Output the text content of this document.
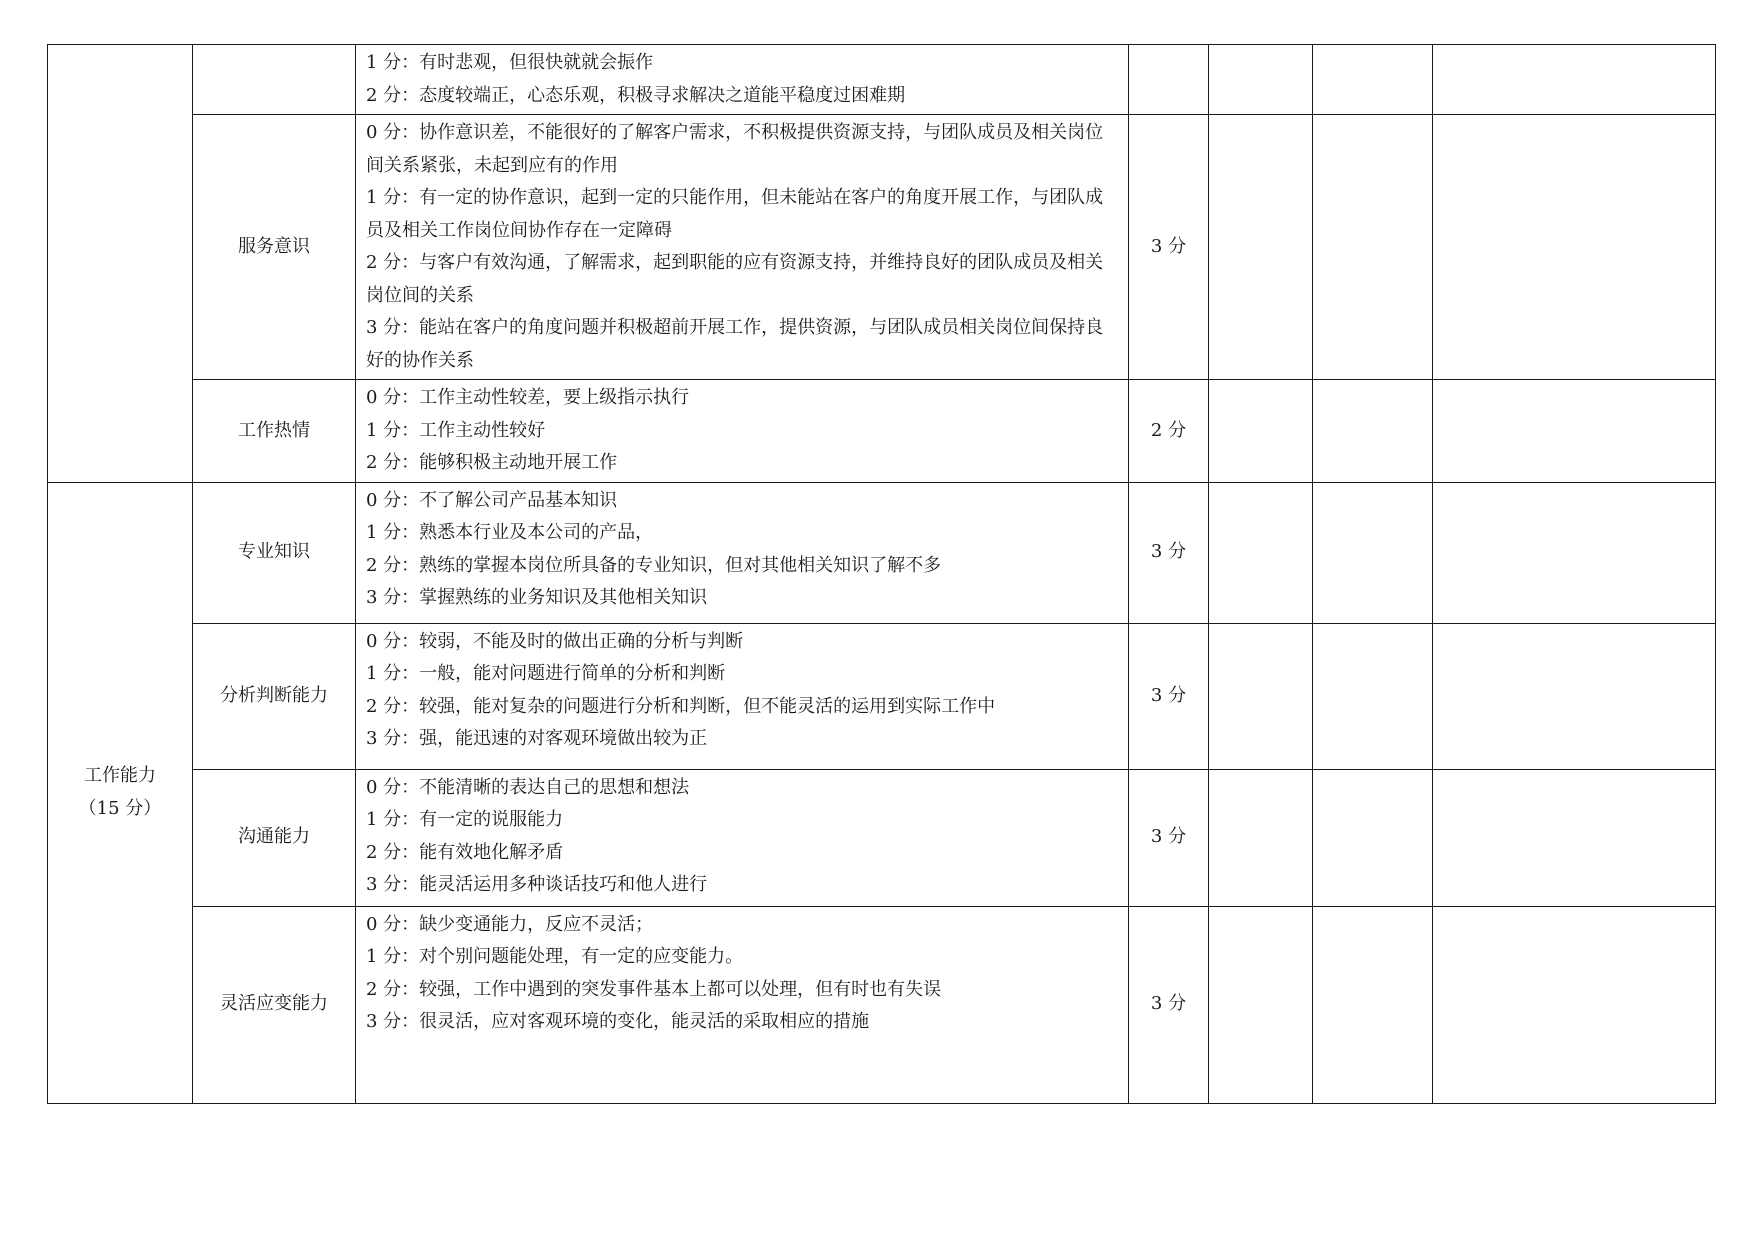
		1 分：有时悲观，但很快就就会振作
2 分：态度较端正，心态乐观，积极寻求解决之道能平稳度过困难期				

	服务意识	0 分：协作意识差，不能很好的了解客户需求，不积极提供资源支持，与团队成员及相关岗位间关系紧张，未起到应有的作用
1 分：有一定的协作意识，起到一定的只能作用，但未能站在客户的角度开展工作，与团队成员及相关工作岗位间协作存在一定障碍
2 分：与客户有效沟通，了解需求，起到职能的应有资源支持，并维持良好的团队成员及相关岗位间的关系
3 分：能站在客户的角度问题并积极超前开展工作，提供资源，与团队成员相关岗位间保持良好的协作关系	3 分			
	工作热情	0 分：工作主动性较差，要上级指示执行
1 分：工作主动性较好
2 分：能够积极主动地开展工作	2 分			

工作能力
（15 分）	专业知识	0 分：不了解公司产品基本知识
1 分：熟悉本行业及本公司的产品，
2 分：熟练的掌握本岗位所具备的专业知识，但对其他相关知识了解不多
3 分：掌握熟练的业务知识及其他相关知识	3 分			
	分析判断能力	0 分：较弱，不能及时的做出正确的分析与判断
1 分：一般，能对问题进行简单的分析和判断
2 分：较强，能对复杂的问题进行分析和判断，但不能灵活的运用到实际工作中
3 分：强，能迅速的对客观环境做出较为正	3 分			
	沟通能力	0 分：不能清晰的表达自己的思想和想法
1 分：有一定的说服能力
2 分：能有效地化解矛盾
3 分：能灵活运用多种谈话技巧和他人进行	3 分			
	灵活应变能力	0 分：缺少变通能力，反应不灵活；
1 分：对个别问题能处理，有一定的应变能力。
2 分：较强，工作中遇到的突发事件基本上都可以处理，但有时也有失误
3 分：很灵活，应对客观环境的变化，能灵活的采取相应的措施	3 分			
